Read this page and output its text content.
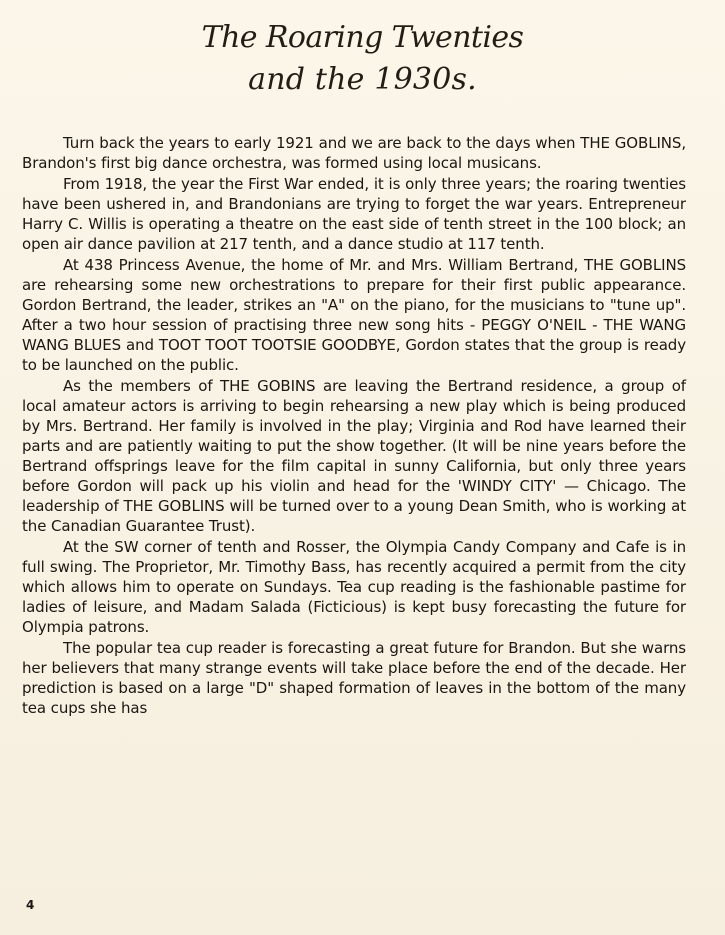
The Roaring Twenties
and the 1930s.

Turn back the years to early 1921 and we are back to the days when THE GOBLINS, Brandon's first big dance orchestra, was formed using local musicans.

From 1918, the year the First War ended, it is only three years; the roaring twenties have been ushered in, and Brandonians are trying to forget the war years. Entrepreneur Harry C. Willis is operating a theatre on the east side of tenth street in the 100 block; an open air dance pavilion at 217 tenth, and a dance studio at 117 tenth.

At 438 Princess Avenue, the home of Mr. and Mrs. William Bertrand, THE GOBLINS are rehearsing some new orchestrations to prepare for their first public appearance. Gordon Bertrand, the leader, strikes an "A" on the piano, for the musicians to "tune up". After a two hour session of practising three new song hits - PEGGY O'NEIL - THE WANG WANG BLUES and TOOT TOOT TOOTSIE GOODBYE, Gordon states that the group is ready to be launched on the public.

As the members of THE GOBINS are leaving the Bertrand residence, a group of local amateur actors is arriving to begin rehearsing a new play which is being produced by Mrs. Bertrand. Her family is involved in the play; Virginia and Rod have learned their parts and are patiently waiting to put the show together. (It will be nine years before the Bertrand offsprings leave for the film capital in sunny California, but only three years before Gordon will pack up his violin and head for the 'WINDY CITY' — Chicago. The leadership of THE GOBLINS will be turned over to a young Dean Smith, who is working at the Canadian Guarantee Trust).

At the SW corner of tenth and Rosser, the Olympia Candy Company and Cafe is in full swing. The Proprietor, Mr. Timothy Bass, has recently acquired a permit from the city which allows him to operate on Sundays. Tea cup reading is the fashionable pastime for ladies of leisure, and Madam Salada (Ficticious) is kept busy forecasting the future for Olympia patrons.

The popular tea cup reader is forecasting a great future for Brandon. But she warns her believers that many strange events will take place before the end of the decade. Her prediction is based on a large "D" shaped formation of leaves in the bottom of the many tea cups she has

4
